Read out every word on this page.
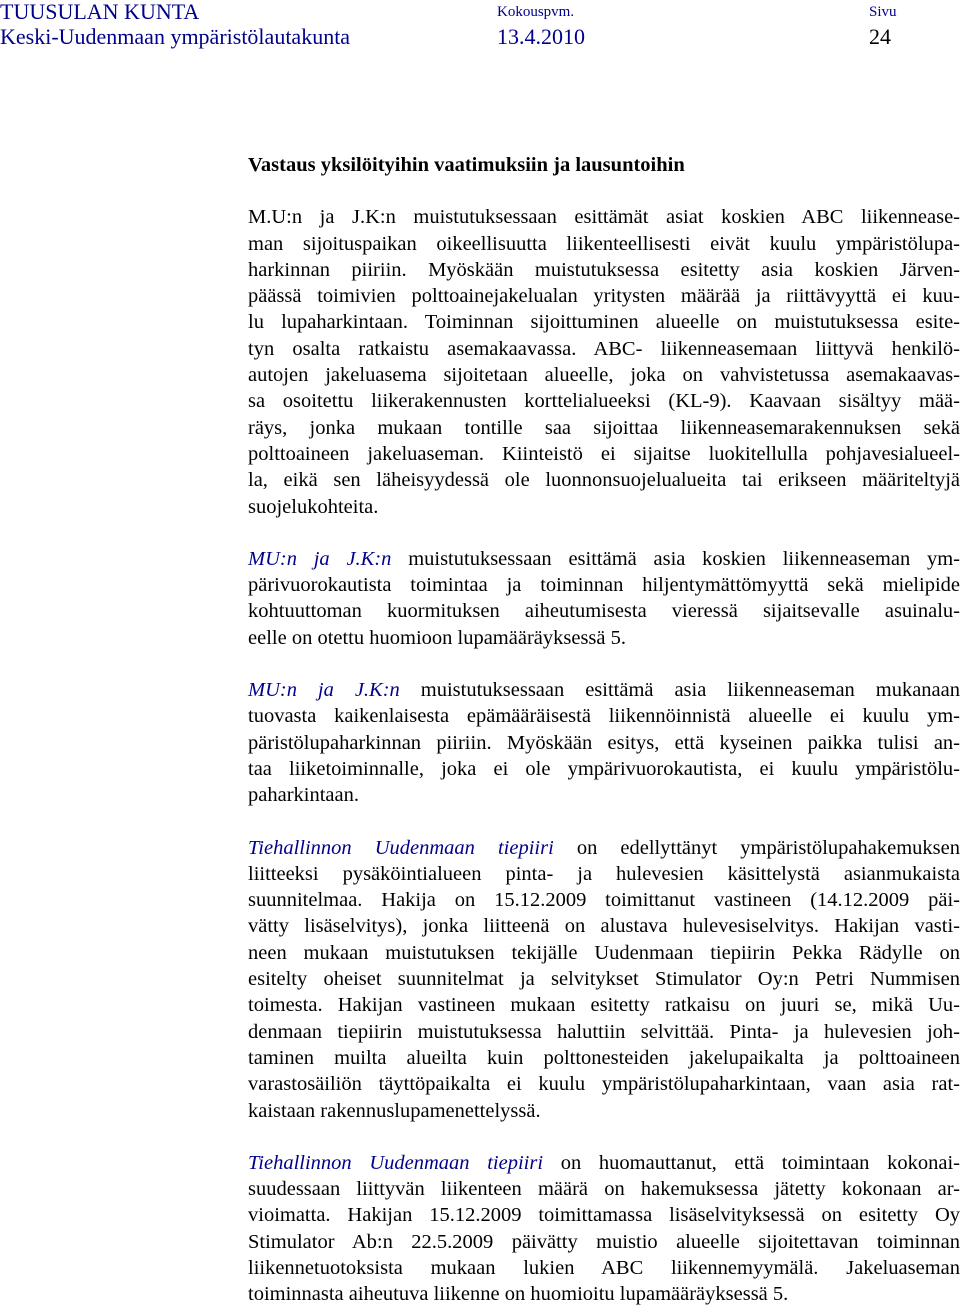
TUUSULAN KUNTA
Keski-Uudenmaan ympäristölautakunta
Kokouspvm.
13.4.2010
Sivu
24
Vastaus yksilöityihin vaatimuksiin ja lausuntoihin

M.U:n ja J.K:n muistutuksessaan esittämät asiat koskien ABC liikennease-
man sijoituspaikan oikeellisuutta liikenteellisesti eivät kuulu ympäristölupa-
harkinnan piiriin. Myöskään muistutuksessa esitetty asia koskien Järven-
päässä toimivien polttoainejakelualan yritysten määrää ja riittävyyttä ei kuu-
lu lupaharkintaan. Toiminnan sijoittuminen alueelle on muistutuksessa esite-
tyn osalta ratkaistu asemakaavassa. ABC- liikenneasemaan liittyvä henkilö-
autojen jakeluasema sijoitetaan alueelle, joka on vahvistetussa asemakaavas-
sa osoitettu liikerakennusten korttelialueeksi (KL-9). Kaavaan sisältyy mää-
räys, jonka mukaan tontille saa sijoittaa liikenneasemarakennuksen sekä
polttoaineen jakeluaseman. Kiinteistö ei sijaitse luokitellulla pohjavesialueel-
la, eikä sen läheisyydessä ole luonnonsuojelualueita tai erikseen määriteltyjä
suojelukohteita.

MU:n ja J.K:n muistutuksessaan esittämä asia koskien liikenneaseman ym-
pärivuorokautista toimintaa ja toiminnan hiljentymättömyyttä sekä mielipide
kohtuuttoman kuormituksen aiheutumisesta vieressä sijaitsevalle asuinalu-
eelle on otettu huomioon lupamääräyksessä 5.

MU:n ja J.K:n muistutuksessaan esittämä asia liikenneaseman mukanaan
tuovasta kaikenlaisesta epämääräisestä liikennöinnistä alueelle ei kuulu ym-
päristölupaharkinnan piiriin. Myöskään esitys, että kyseinen paikka tulisi an-
taa liiketoiminnalle, joka ei ole ympärivuorokautista, ei kuulu ympäristölu-
paharkintaan.

Tiehallinnon Uudenmaan tiepiiri on edellyttänyt ympäristölupahakemuksen
liitteeksi pysäköintialueen pinta- ja hulevesien käsittelystä asianmukaista
suunnitelmaa. Hakija on 15.12.2009 toimittanut vastineen (14.12.2009 päi-
vätty lisäselvitys), jonka liitteenä on alustava hulevesiselvitys. Hakijan vasti-
neen mukaan muistutuksen tekijälle Uudenmaan tiepiirin Pekka Rädylle on
esitelty oheiset suunnitelmat ja selvitykset Stimulator Oy:n Petri Nummisen
toimesta. Hakijan vastineen mukaan esitetty ratkaisu on juuri se, mikä Uu-
denmaan tiepiirin muistutuksessa haluttiin selvittää. Pinta- ja hulevesien joh-
taminen muilta alueilta kuin polttonesteiden jakelupaikalta ja polttoaineen
varastosäiliön täyttöpaikalta ei kuulu ympäristölupaharkintaan, vaan asia rat-
kaistaan rakennuslupamenettelyssä.

Tiehallinnon Uudenmaan tiepiiri on huomauttanut, että toimintaan kokonai-
suudessaan liittyvän liikenteen määrä on hakemuksessa jätetty kokonaan ar-
vioimatta. Hakijan 15.12.2009 toimittamassa lisäselvityksessä on esitetty Oy
Stimulator Ab:n 22.5.2009 päivätty muistio alueelle sijoitettavan toiminnan
liikennetuotoksista mukaan lukien ABC liikennemyymälä. Jakeluaseman
toiminnasta aiheutuva liikenne on huomioitu lupamääräyksessä 5.
